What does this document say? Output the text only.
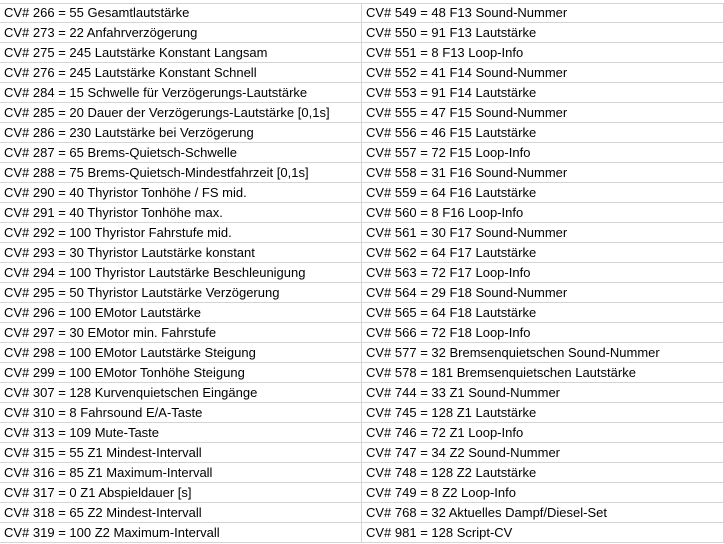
CV# 266 = 55 Gesamtlautstärke
CV# 273 = 22 Anfahrverzögerung
CV# 275 = 245 Lautstärke Konstant Langsam
CV# 276 = 245 Lautstärke Konstant Schnell
CV# 284 = 15 Schwelle für Verzögerungs-Lautstärke
CV# 285 = 20 Dauer der Verzögerungs-Lautstärke [0,1s]
CV# 286 = 230 Lautstärke bei Verzögerung
CV# 287 = 65 Brems-Quietsch-Schwelle
CV# 288 = 75 Brems-Quietsch-Mindestfahrzeit [0,1s]
CV# 290 = 40 Thyristor Tonhöhe / FS mid.
CV# 291 = 40 Thyristor Tonhöhe max.
CV# 292 = 100 Thyristor Fahrstufe mid.
CV# 293 = 30 Thyristor Lautstärke konstant
CV# 294 = 100 Thyristor Lautstärke Beschleunigung
CV# 295 = 50 Thyristor Lautstärke Verzögerung
CV# 296 = 100 EMotor Lautstärke
CV# 297 = 30 EMotor min. Fahrstufe
CV# 298 = 100 EMotor Lautstärke Steigung
CV# 299 = 100 EMotor Tonhöhe Steigung
CV# 307 = 128 Kurvenquietschen Eingänge
CV# 310 = 8 Fahrsound E/A-Taste
CV# 313 = 109 Mute-Taste
CV# 315 = 55 Z1 Mindest-Intervall
CV# 316 = 85 Z1 Maximum-Intervall
CV# 317 = 0 Z1 Abspieldauer [s]
CV# 318 = 65 Z2 Mindest-Intervall
CV# 319 = 100 Z2 Maximum-Intervall
CV# 549 = 48 F13 Sound-Nummer
CV# 550 = 91 F13 Lautstärke
CV# 551 = 8 F13 Loop-Info
CV# 552 = 41 F14 Sound-Nummer
CV# 553 = 91 F14 Lautstärke
CV# 555 = 47 F15 Sound-Nummer
CV# 556 = 46 F15 Lautstärke
CV# 557 = 72 F15 Loop-Info
CV# 558 = 31 F16 Sound-Nummer
CV# 559 = 64 F16 Lautstärke
CV# 560 = 8 F16 Loop-Info
CV# 561 = 30 F17 Sound-Nummer
CV# 562 = 64 F17 Lautstärke
CV# 563 = 72 F17 Loop-Info
CV# 564 = 29 F18 Sound-Nummer
CV# 565 = 64 F18 Lautstärke
CV# 566 = 72 F18 Loop-Info
CV# 577 = 32 Bremsenquietschen Sound-Nummer
CV# 578 = 181 Bremsenquietschen Lautstärke
CV# 744 = 33 Z1 Sound-Nummer
CV# 745 = 128 Z1 Lautstärke
CV# 746 = 72 Z1 Loop-Info
CV# 747 = 34 Z2 Sound-Nummer
CV# 748 = 128 Z2 Lautstärke
CV# 749 = 8 Z2 Loop-Info
CV# 768 = 32 Aktuelles Dampf/Diesel-Set
CV# 981 = 128 Script-CV
